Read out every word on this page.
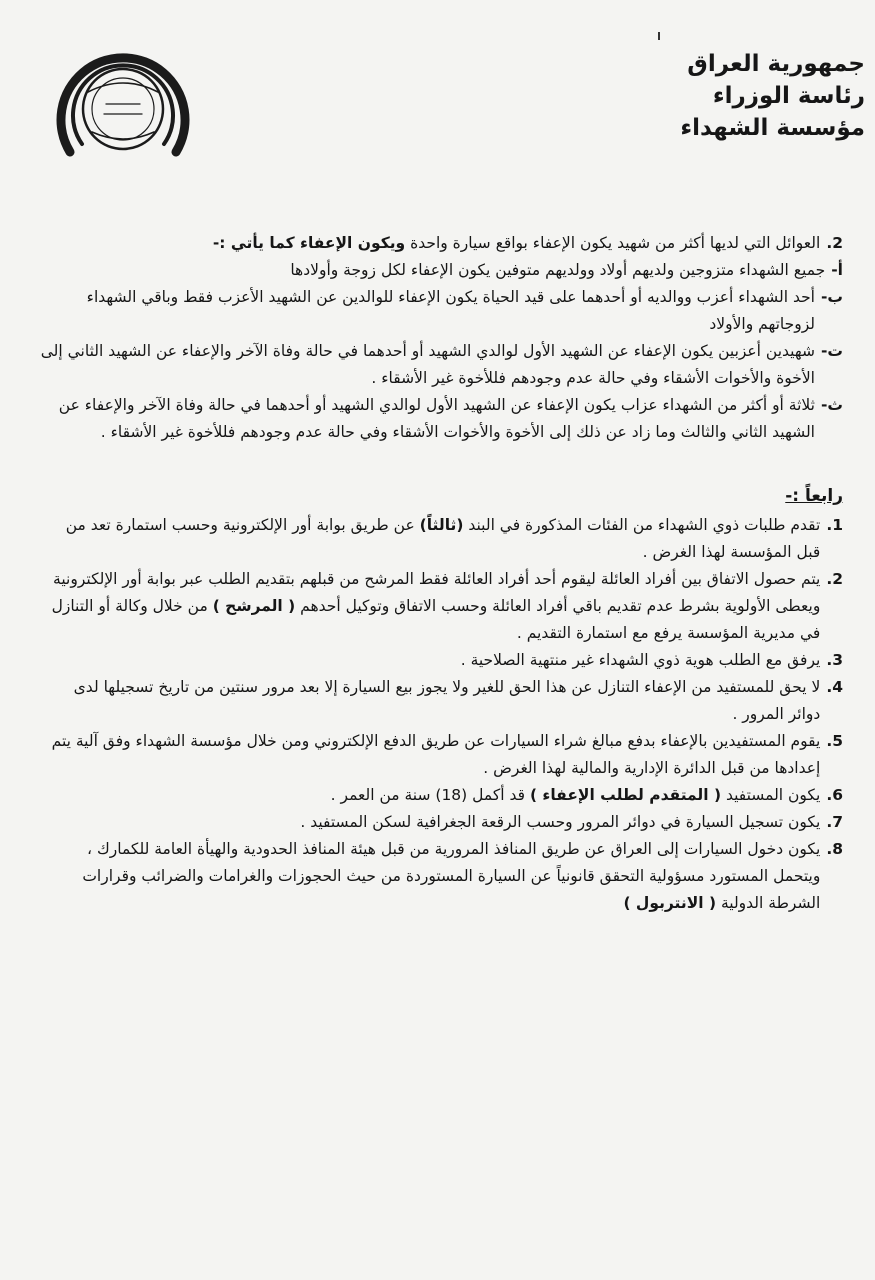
جمهورية العراق
رئاسة الوزراء
مؤسسة الشهداء
2.
العوائل التي لديها أكثر من شهيد يكون الإعفاء بواقع سيارة واحدة ويكون الإعفاء كما يأتي :-
أ-
جميع الشهداء متزوجين ولديهم أولاد وولديهم متوفين يكون الإعفاء لكل زوجة وأولادها
ب-
أحد الشهداء أعزب ووالديه أو أحدهما على قيد الحياة يكون الإعفاء للوالدين عن الشهيد الأعزب فقط وباقي الشهداء لزوجاتهم والأولاد
ت-
شهيدين أعزبين يكون الإعفاء عن الشهيد الأول لوالدي الشهيد أو أحدهما في حالة وفاة الآخر والإعفاء عن الشهيد الثاني إلى الأخوة والأخوات الأشقاء وفي حالة عدم وجودهم فللأخوة غير الأشقاء .
ث-
ثلاثة أو أكثر من الشهداء عزاب يكون الإعفاء عن الشهيد الأول لوالدي الشهيد أو أحدهما في حالة وفاة الآخر والإعفاء عن الشهيد الثاني والثالث وما زاد عن ذلك إلى الأخوة والأخوات الأشقاء وفي حالة عدم وجودهم فللأخوة غير الأشقاء .
رابعاً :-
1.
تقدم طلبات ذوي الشهداء من الفئات المذكورة في البند (ثالثاً) عن طريق بوابة أور الإلكترونية وحسب استمارة تعد من قبل المؤسسة لهذا الغرض .
2.
يتم حصول الاتفاق بين أفراد العائلة ليقوم أحد أفراد العائلة فقط المرشح من قبلهم بتقديم الطلب عبر بوابة أور الإلكترونية ويعطى الأولوية بشرط عدم تقديم باقي أفراد العائلة وحسب الاتفاق وتوكيل أحدهم ( المرشح ) من خلال وكالة أو التنازل في مديرية المؤسسة يرفع مع استمارة التقديم .
3.
يرفق مع الطلب هوية ذوي الشهداء غير منتهية الصلاحية .
4.
لا يحق للمستفيد من الإعفاء التنازل عن هذا الحق للغير ولا يجوز بيع السيارة إلا بعد مرور سنتين من تاريخ تسجيلها لدى دوائر المرور .
5.
يقوم المستفيدين بالإعفاء بدفع مبالغ شراء السيارات عن طريق الدفع الإلكتروني ومن خلال مؤسسة الشهداء وفق آلية يتم إعدادها من قبل الدائرة الإدارية والمالية لهذا الغرض .
6.
يكون المستفيد ( المتقدم لطلب الإعفاء ) قد أكمل (18) سنة من العمر .
7.
يكون تسجيل السيارة في دوائر المرور وحسب الرقعة الجغرافية لسكن المستفيد .
8.
يكون دخول السيارات إلى العراق عن طريق المنافذ المرورية من قبل هيئة المنافذ الحدودية والهيأة العامة للكمارك ، ويتحمل المستورد مسؤولية التحقق قانونياً عن السيارة المستوردة من حيث الحجوزات والغرامات والضرائب وقرارات الشرطة الدولية ( الانتربول )
